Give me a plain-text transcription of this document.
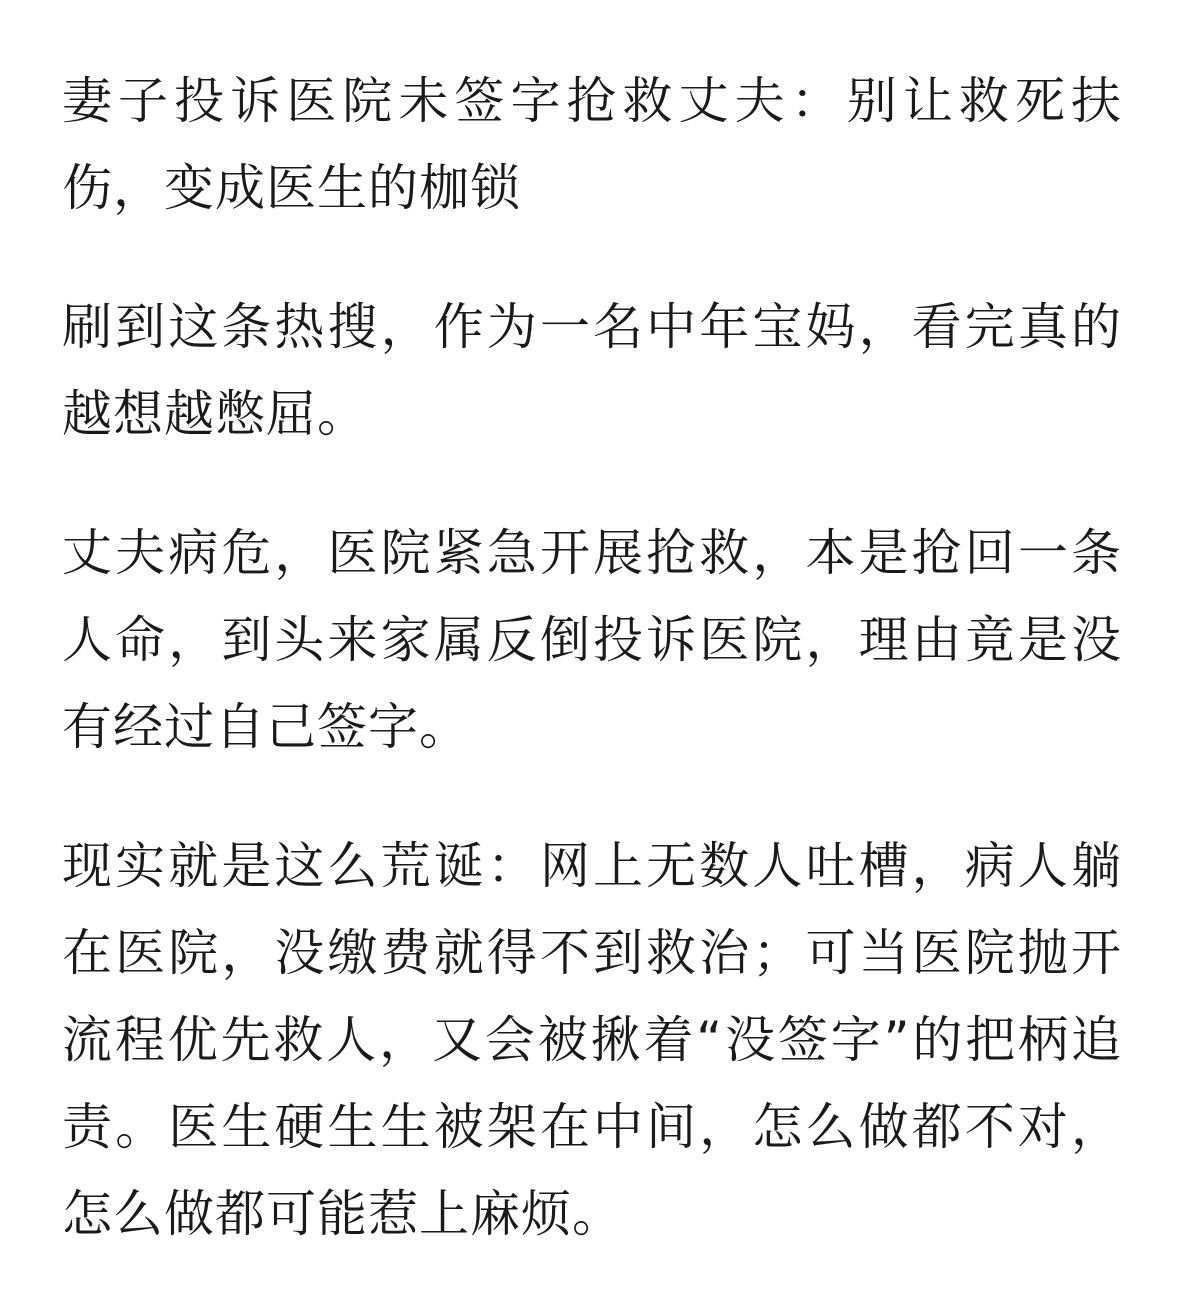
妻子投诉医院未签字抢救丈夫：别让救死扶伤，变成医生的枷锁

刷到这条热搜，作为一名中年宝妈，看完真的越想越憋屈。

丈夫病危，医院紧急开展抢救，本是抢回一条人命，到头来家属反倒投诉医院，理由竟是没有经过自己签字。

现实就是这么荒诞：网上无数人吐槽，病人躺在医院，没缴费就得不到救治；可当医院抛开流程优先救人，又会被揪着“没签字”的把柄追责。医生硬生生被架在中间，怎么做都不对，怎么做都可能惹上麻烦。
